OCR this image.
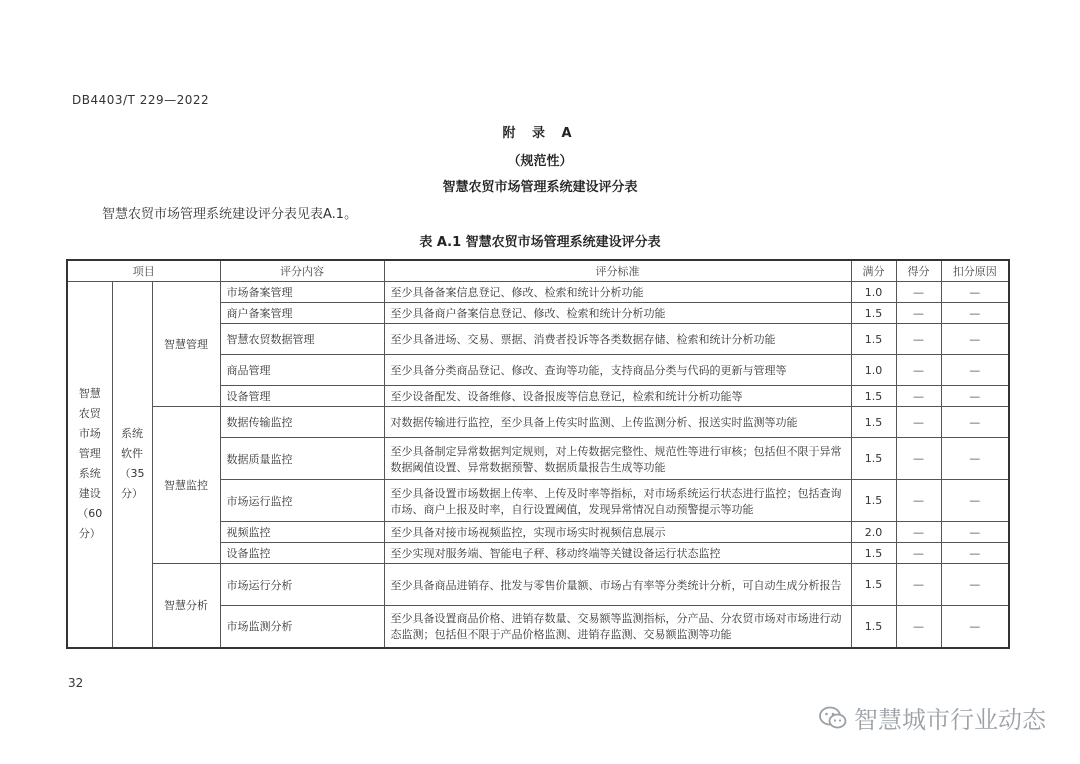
DB4403/T 229—2022
附 录 A
（规范性）
智慧农贸市场管理系统建设评分表
智慧农贸市场管理系统建设评分表见表A.1。
表 A.1 智慧农贸市场管理系统建设评分表
项目			评分内容	评分标准	满分	得分	扣分原因
智慧农贸市场管理系统建设（60分）	系统软件（35分）	智慧管理	市场备案管理	至少具备备案信息登记、修改、检索和统计分析功能	1.0	—	—
			商户备案管理	至少具备商户备案信息登记、修改、检索和统计分析功能	1.5	—	—
			智慧农贸数据管理	至少具备进场、交易、票据、消费者投诉等各类数据存储、检索和统计分析功能	1.5	—	—
			商品管理	至少具备分类商品登记、修改、查询等功能，支持商品分类与代码的更新与管理等	1.0	—	—
			设备管理	至少设备配发、设备维修、设备报废等信息登记，检索和统计分析功能等	1.5	—	—
		智慧监控	数据传输监控	对数据传输进行监控，至少具备上传实时监测、上传监测分析、报送实时监测等功能	1.5	—	—
			数据质量监控	至少具备制定异常数据判定规则，对上传数据完整性、规范性等进行审核；包括但不限于异常数据阈值设置、异常数据预警、数据质量报告生成等功能	1.5	—	—
			市场运行监控	至少具备设置市场数据上传率、上传及时率等指标，对市场系统运行状态进行监控；包括查询市场、商户上报及时率，自行设置阈值，发现异常情况自动预警提示等功能	1.5	—	—
			视频监控	至少具备对接市场视频监控，实现市场实时视频信息展示	2.0	—	—
			设备监控	至少实现对服务端、智能电子秤、移动终端等关键设备运行状态监控	1.5	—	—
		智慧分析	市场运行分析	至少具备商品进销存、批发与零售价量额、市场占有率等分类统计分析，可自动生成分析报告	1.5	—	—
			市场监测分析	至少具备设置商品价格、进销存数量、交易额等监测指标，分产品、分农贸市场对市场进行动态监测；包括但不限于产品价格监测、进销存监测、交易额监测等功能	1.5	—	—
32
智慧城市行业动态
